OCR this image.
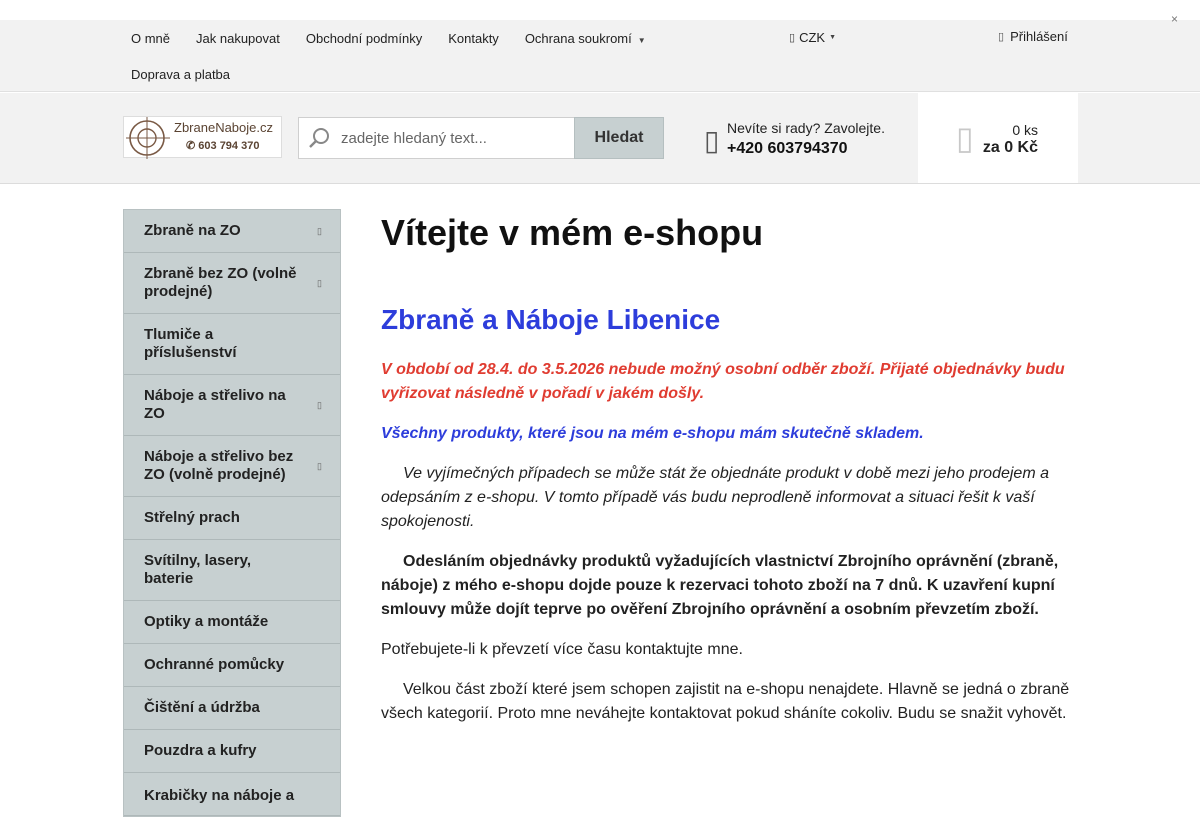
×
O mně	Jak nakupovat	Obchodní podmínky	Kontakty	Ochrana soukromí ▼
Doprava a platba
▯ CZK ▼	▯ Přihlášení
ZbraneNaboje.cz
✆ 603 794 370
zadejte hledaný text...	Hledat	▯ Nevíte si rady? Zavolejte.
+420 603794370	▯	0 ks
za 0 Kč
Zbraně na ZO	▯
Zbraně bez ZO (volně prodejné)	▯
Tlumiče a příslušenství
Náboje a střelivo na ZO	▯
Náboje a střelivo bez ZO (volně prodejné)	▯
Střelný prach
Svítilny, lasery, baterie
Optiky a montáže
Ochranné pomůcky
Čištění a údržba
Pouzdra a kufry
Krabičky na náboje a
Vítejte v mém e-shopu
Zbraně a Náboje Libenice

V období od 28.4. do 3.5.2026 nebude možný osobní odběr zboží. Přijaté objednávky budu vyřizovat následně v pořadí v jakém došly.

Všechny produkty, které jsou na mém e-shopu mám skutečně skladem.

Ve vyjímečných případech se může stát že objednáte produkt v době mezi jeho prodejem a odepsáním z e-shopu. V tomto případě vás budu neprodleně informovat a situaci řešit k vaší spokojenosti.

Odesláním objednávky produktů vyžadujících vlastnictví Zbrojního oprávnění (zbraně, náboje) z mého e-shopu dojde pouze k rezervaci tohoto zboží na 7 dnů. K uzavření kupní smlouvy může dojít teprve po ověření Zbrojního oprávnění a osobním převzetím zboží.

Potřebujete-li k převzetí více času kontaktujte mne.

Velkou část zboží které jsem schopen zajistit na e-shopu nenajdete. Hlavně se jedná o zbraně všech kategorií. Proto mne neváhejte kontaktovat pokud sháníte cokoliv. Budu se snažit vyhovět.
